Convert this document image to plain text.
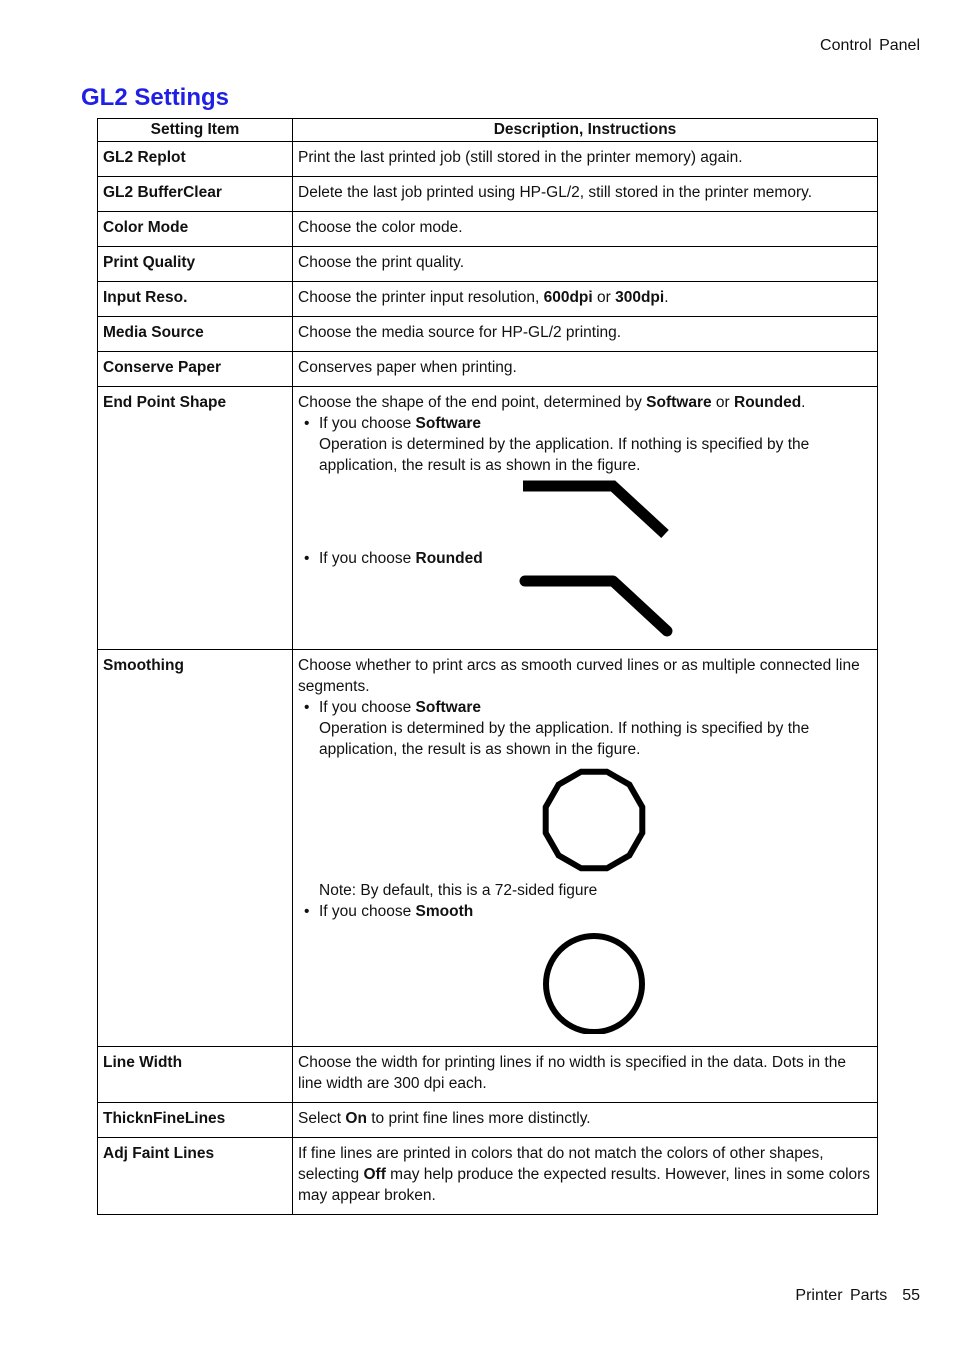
Control Panel
GL2 Settings
Setting Item	Description, Instructions
GL2 Replot	Print the last printed job (still stored in the printer memory) again.
GL2 BufferClear	Delete the last job printed using HP-GL/2, still stored in the printer memory.
Color Mode	Choose the color mode.
Print Quality	Choose the print quality.
Input Reso.	Choose the printer input resolution, 600dpi or 300dpi.
Media Source	Choose the media source for HP-GL/2 printing.
Conserve Paper	Conserves paper when printing.
End Point Shape	Choose the shape of the end point, determined by Software or Rounded.
• If you choose Software
Operation is determined by the application. If nothing is specified by the application, the result is as shown in the figure.
• If you choose Rounded

Smoothing	Choose whether to print arcs as smooth curved lines or as multiple connected line segments.
• If you choose Software
Operation is determined by the application. If nothing is specified by the application, the result is as shown in the figure.
Note: By default, this is a 72-sided figure
• If you choose Smooth

Line Width	Choose the width for printing lines if no width is specified in the data. Dots in the line width are 300 dpi each.
ThicknFineLines	Select On to print fine lines more distinctly.
Adj Faint Lines	If fine lines are printed in colors that do not match the colors of other shapes, selecting Off may help produce the expected results. However, lines in some colors may appear broken.
Printer Parts 55
